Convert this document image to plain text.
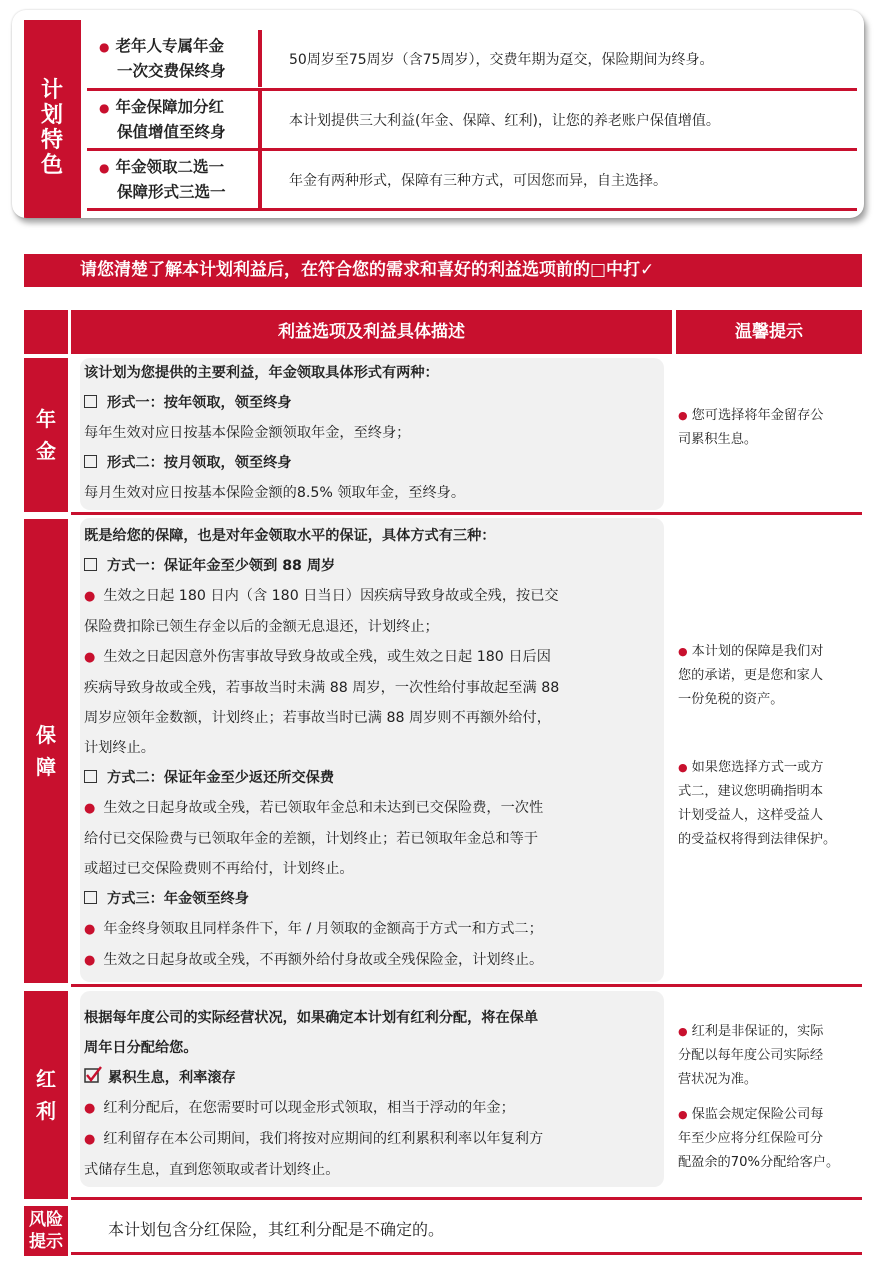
计
划
特
色
● 老年人专属年金
一次交费保终身
50周岁至75周岁（含75周岁），交费年期为趸交，保险期间为终身。
● 年金保障加分红
保值增值至终身
本计划提供三大利益(年金、保障、红利)，让您的养老账户保值增值。
● 年金领取二选一
保障形式三选一
年金有两种形式，保障有三种方式，可因您而异，自主选择。
请您清楚了解本计划利益后，在符合您的需求和喜好的利益选项前的□中打✓
利益选项及利益具体描述	温馨提示
年
金
该计划为您提供的主要利益，年金领取具体形式有两种：
形式一：按年领取，领至终身
每年生效对应日按基本保险金额领取年金，至终身；
形式二：按月领取，领至终身
每月生效对应日按基本保险金额的8.5% 领取年金，至终身。
● 您可选择将年金留存公
司累积生息。
保
障
既是给您的保障，也是对年金领取水平的保证，具体方式有三种：
方式一：保证年金至少领到 88 周岁
● 生效之日起 180 日内（含 180 日当日）因疾病导致身故或全残，按已交
保险费扣除已领生存金以后的金额无息退还，计划终止；
● 生效之日起因意外伤害事故导致身故或全残，或生效之日起 180 日后因
疾病导致身故或全残，若事故当时未满 88 周岁，一次性给付事故起至满 88
周岁应领年金数额，计划终止；若事故当时已满 88 周岁则不再额外给付，
计划终止。
方式二：保证年金至少返还所交保费
● 生效之日起身故或全残，若已领取年金总和未达到已交保险费，一次性
给付已交保险费与已领取年金的差额，计划终止；若已领取年金总和等于
或超过已交保险费则不再给付，计划终止。
方式三：年金领至终身
● 年金终身领取且同样条件下，年 / 月领取的金额高于方式一和方式二；
● 生效之日起身故或全残，不再额外给付身故或全残保险金，计划终止。
● 本计划的保障是我们对
您的承诺，更是您和家人
一份免税的资产。
● 如果您选择方式一或方
式二，建议您明确指明本
计划受益人，这样受益人
的受益权将得到法律保护。
红
利
根据每年度公司的实际经营状况，如果确定本计划有红利分配，将在保单
周年日分配给您。
累积生息，利率滚存
● 红利分配后，在您需要时可以现金形式领取，相当于浮动的年金；
● 红利留存在本公司期间，我们将按对应期间的红利累积利率以年复利方
式储存生息，直到您领取或者计划终止。
● 红利是非保证的，实际
分配以每年度公司实际经
营状况为准。
● 保监会规定保险公司每
年至少应将分红保险可分
配盈余的70%分配给客户。
风险
提示
本计划包含分红保险，其红利分配是不确定的。
